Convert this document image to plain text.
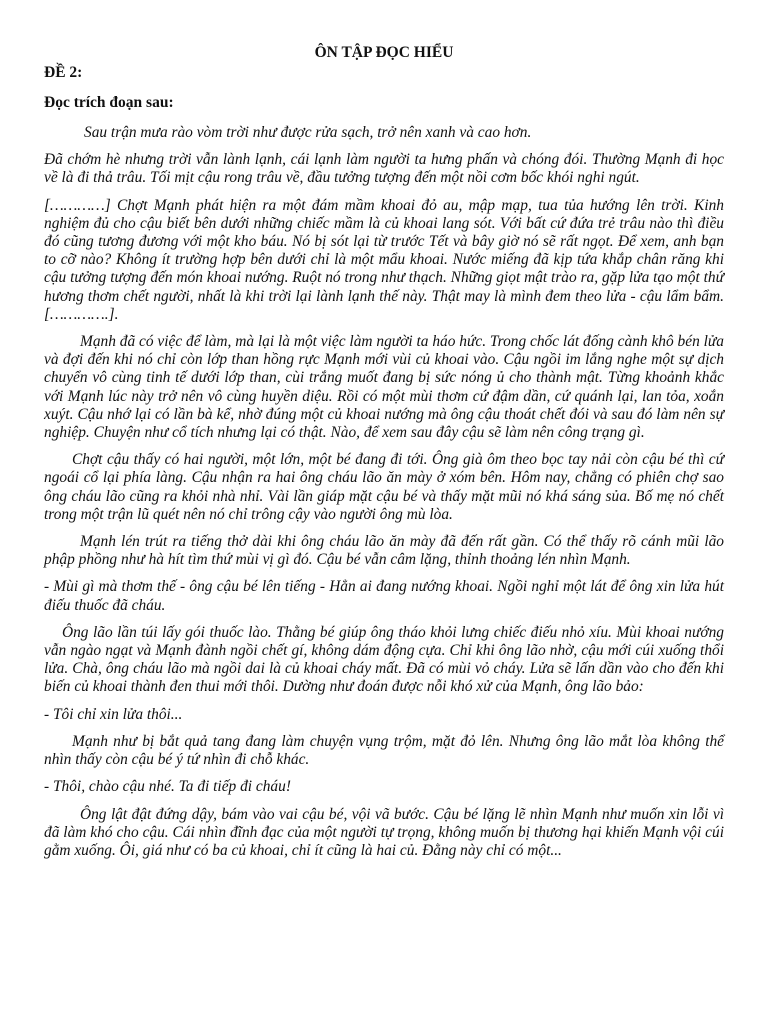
ÔN TẬP ĐỌC HIỂU
ĐỀ 2:
Đọc trích đoạn sau:

Sau trận mưa rào vòm trời như được rửa sạch, trở nên xanh và cao hơn.

Đã chớm hè nhưng trời vẫn lành lạnh, cái lạnh làm người ta hưng phấn và chóng đói. Thường Mạnh đi học về là đi thả trâu. Tối mịt cậu rong trâu về, đầu tưởng tượng đến một nồi cơm bốc khói nghi ngút.

[…………] Chợt Mạnh phát hiện ra một đám mầm khoai đỏ au, mập mạp, tua tủa hướng lên trời. Kinh nghiệm đủ cho cậu biết bên dưới những chiếc mầm là củ khoai lang sót. Với bất cứ đứa trẻ trâu nào thì điều đó cũng tương đương với một kho báu. Nó bị sót lại từ trước Tết và bây giờ nó sẽ rất ngọt. Để xem, anh bạn to cỡ nào? Không ít trường hợp bên dưới chỉ là một mẩu khoai. Nước miếng đã kịp tứa khắp chân răng khi cậu tưởng tượng đến món khoai nướng. Ruột nó trong như thạch. Những giọt mật trào ra, gặp lửa tạo một thứ hương thơm chết người, nhất là khi trời lại lành lạnh thế này. Thật may là mình đem theo lửa - cậu lẩm bẩm. [………….].

Mạnh đã có việc để làm, mà lại là một việc làm người ta háo hức. Trong chốc lát đống cành khô bén lửa và đợi đến khi nó chỉ còn lớp than hồng rực Mạnh mới vùi củ khoai vào. Cậu ngồi im lắng nghe một sự dịch chuyển vô cùng tinh tế dưới lớp than, cùi trắng muốt đang bị sức nóng ủ cho thành mật. Từng khoảnh khắc với Mạnh lúc này trở nên vô cùng huyền diệu. Rồi có một mùi thơm cứ đậm dần, cứ quánh lại, lan tỏa, xoắn xuýt. Cậu nhớ lại có lần bà kể, nhờ đúng một củ khoai nướng mà ông cậu thoát chết đói và sau đó làm nên sự nghiệp. Chuyện như cổ tích nhưng lại có thật. Nào, để xem sau đây cậu sẽ làm nên công trạng gì.

Chợt cậu thấy có hai người, một lớn, một bé đang đi tới. Ông già ôm theo bọc tay nải còn cậu bé thì cứ ngoái cổ lại phía làng. Cậu nhận ra hai ông cháu lão ăn mày ở xóm bên. Hôm nay, chẳng có phiên chợ sao ông cháu lão cũng ra khỏi nhà nhỉ. Vài lần giáp mặt cậu bé và thấy mặt mũi nó khá sáng sủa. Bố mẹ nó chết trong một trận lũ quét nên nó chỉ trông cậy vào người ông mù lòa.

Mạnh lén trút ra tiếng thở dài khi ông cháu lão ăn mày đã đến rất gần. Có thể thấy rõ cánh mũi lão phập phồng như hà hít tìm thứ mùi vị gì đó. Cậu bé vẫn câm lặng, thỉnh thoảng lén nhìn Mạnh.

- Mùi gì mà thơm thế - ông cậu bé lên tiếng - Hẳn ai đang nướng khoai. Ngồi nghỉ một lát để ông xin lửa hút điếu thuốc đã cháu.

Ông lão lần túi lấy gói thuốc lào. Thằng bé giúp ông tháo khỏi lưng chiếc điếu nhỏ xíu. Mùi khoai nướng vẫn ngào ngạt và Mạnh đành ngồi chết gí, không dám động cựa. Chỉ khi ông lão nhờ, cậu mới cúi xuống thổi lửa. Chà, ông cháu lão mà ngồi dai là củ khoai cháy mất. Đã có mùi vỏ cháy. Lửa sẽ lấn dần vào cho đến khi biến củ khoai thành đen thui mới thôi. Dường như đoán được nỗi khó xử của Mạnh, ông lão bảo:

- Tôi chỉ xin lửa thôi...

Mạnh như bị bắt quả tang đang làm chuyện vụng trộm, mặt đỏ lên. Nhưng ông lão mắt lòa không thể nhìn thấy còn cậu bé ý tứ nhìn đi chỗ khác.

- Thôi, chào cậu nhé. Ta đi tiếp đi cháu!

Ông lật đật đứng dậy, bám vào vai cậu bé, vội vã bước. Cậu bé lặng lẽ nhìn Mạnh như muốn xin lỗi vì đã làm khó cho cậu. Cái nhìn đĩnh đạc của một người tự trọng, không muốn bị thương hại khiến Mạnh vội cúi gằm xuống. Ôi, giá như có ba củ khoai, chỉ ít cũng là hai củ. Đằng này chỉ có một...
